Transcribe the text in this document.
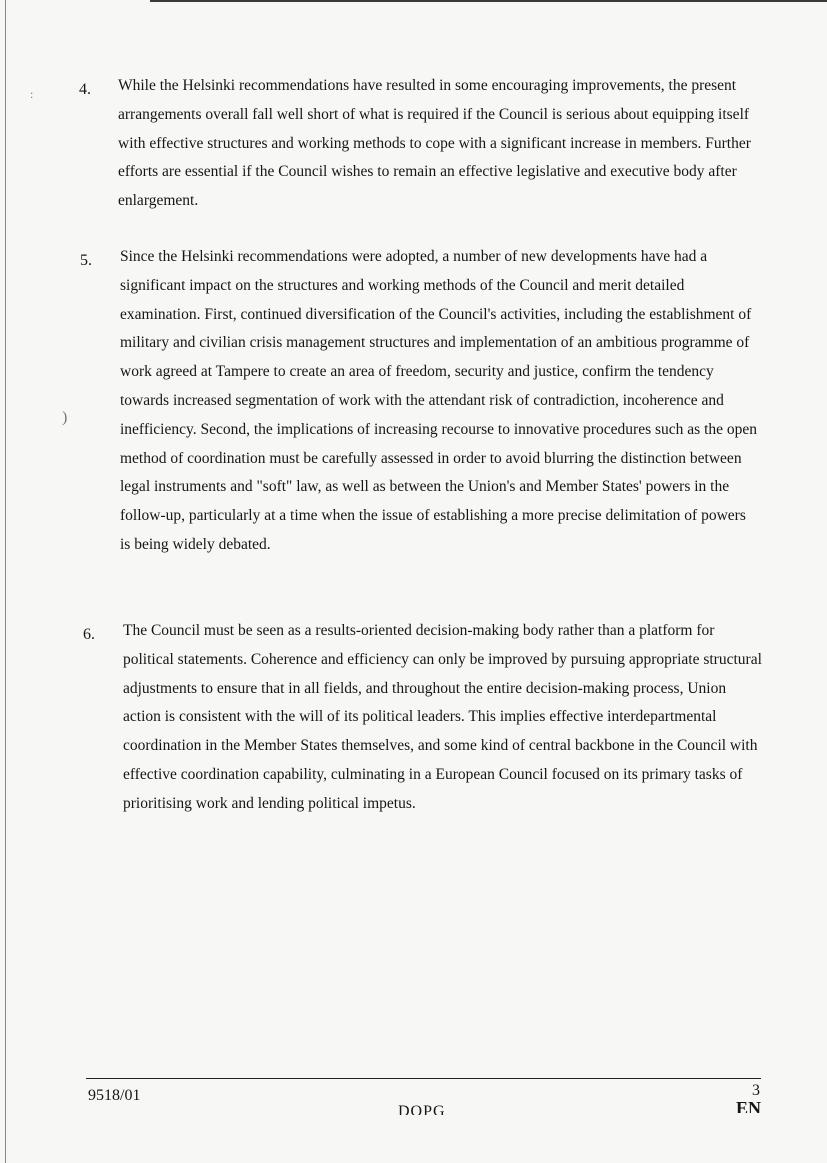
:
)
4. While the Helsinki recommendations have resulted in some encouraging improvements, the present arrangements overall fall well short of what is required if the Council is serious about equipping itself with effective structures and working methods to cope with a significant increase in members. Further efforts are essential if the Council wishes to remain an effective legislative and executive body after enlargement.
5. Since the Helsinki recommendations were adopted, a number of new developments have had a significant impact on the structures and working methods of the Council and merit detailed examination. First, continued diversification of the Council's activities, including the establishment of military and civilian crisis management structures and implementation of an ambitious programme of work agreed at Tampere to create an area of freedom, security and justice, confirm the tendency towards increased segmentation of work with the attendant risk of contradiction, incoherence and inefficiency. Second, the implications of increasing recourse to innovative procedures such as the open method of coordination must be carefully assessed in order to avoid blurring the distinction between legal instruments and "soft" law, as well as between the Union's and Member States' powers in the follow-up, particularly at a time when the issue of establishing a more precise delimitation of powers is being widely debated.
6. The Council must be seen as a results-oriented decision-making body rather than a platform for political statements. Coherence and efficiency can only be improved by pursuing appropriate structural adjustments to ensure that in all fields, and throughout the entire decision-making process, Union action is consistent with the will of its political leaders. This implies effective interdepartmental coordination in the Member States themselves, and some kind of central backbone in the Council with effective coordination capability, culminating in a European Council focused on its primary tasks of prioritising work and lending political impetus.
9518/01
DOPG
3
EN
